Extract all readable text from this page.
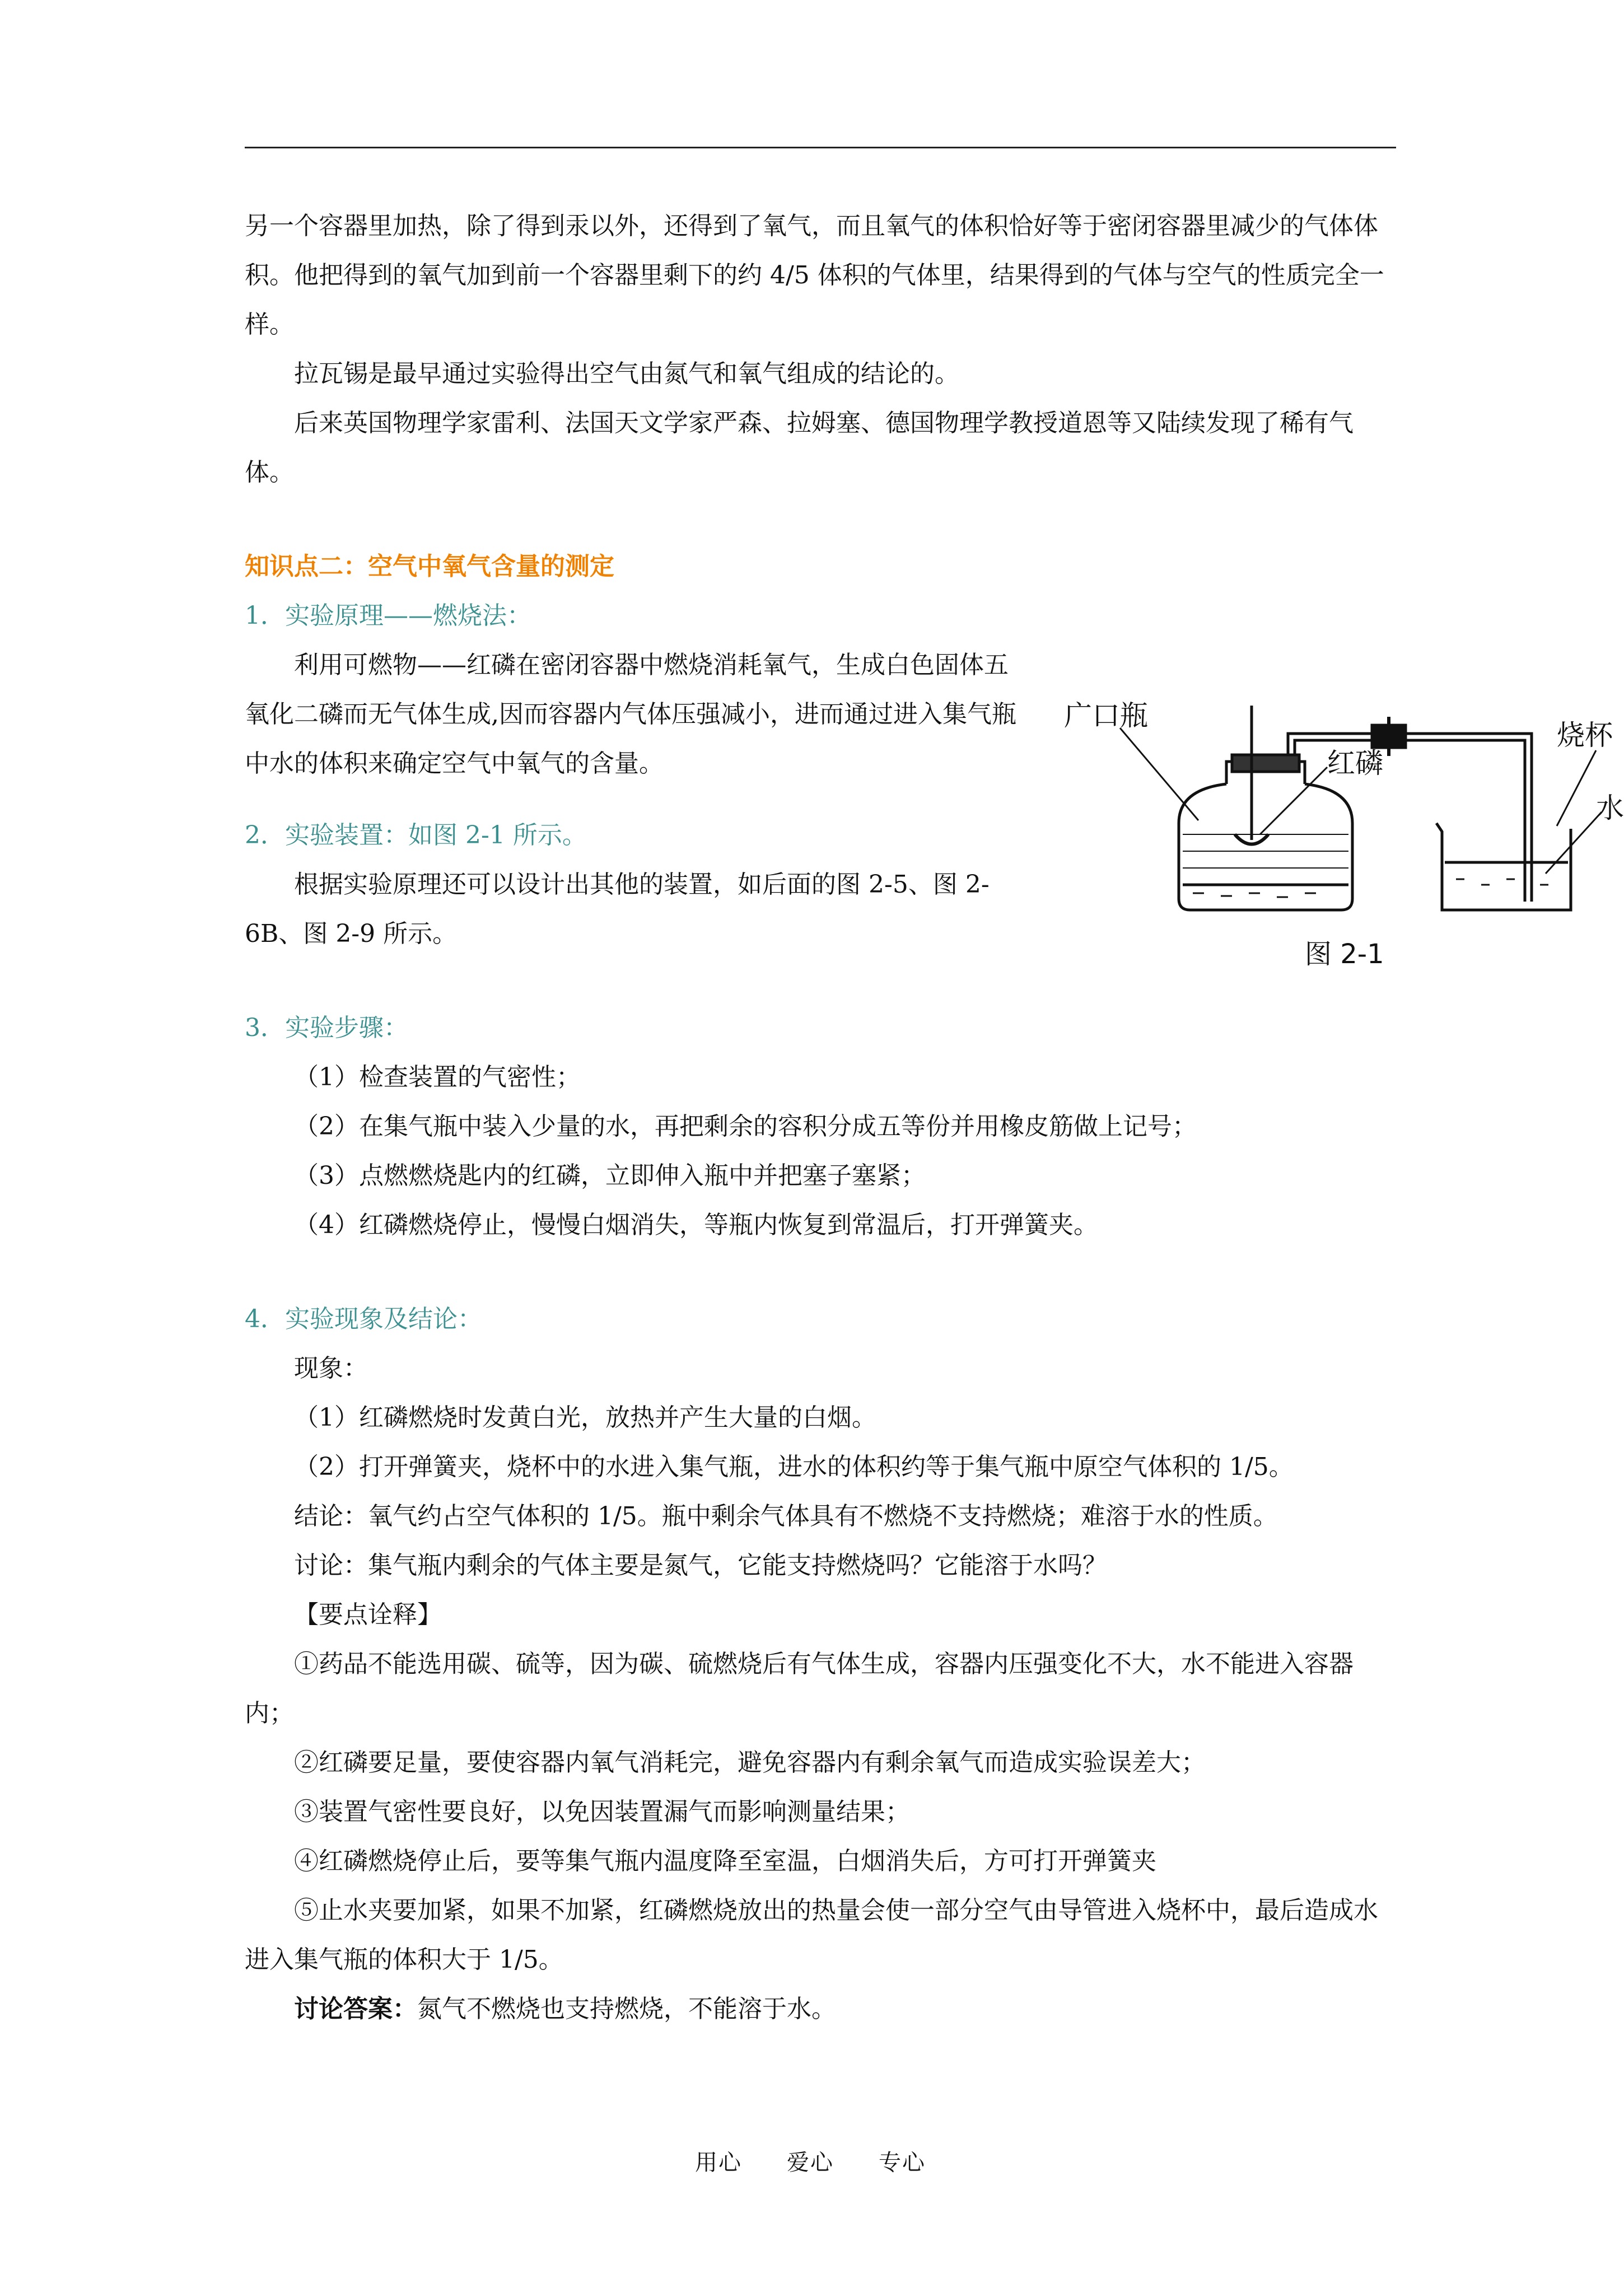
另一个容器里加热，除了得到汞以外，还得到了氧气，而且氧气的体积恰好等于密闭容器里减少的气体体积。他把得到的氧气加到前一个容器里剩下的约 4/5 体积的气体里，结果得到的气体与空气的性质完全一样。

拉瓦锡是最早通过实验得出空气由氮气和氧气组成的结论的。

后来英国物理学家雷利、法国天文学家严森、拉姆塞、德国物理学教授道恩等又陆续发现了稀有气体。

知识点二：空气中氧气含量的测定

1．实验原理——燃烧法：

利用可燃物——红磷在密闭容器中燃烧消耗氧气，生成白色固体五氧化二磷而无气体生成,因而容器内气体压强减小，进而通过进入集气瓶中水的体积来确定空气中氧气的含量。

2．实验装置：如图 2-1 所示。

根据实验原理还可以设计出其他的装置，如后面的图 2-5、图 2-6B、图 2-9 所示。

3．实验步骤：

（1）检查装置的气密性；

（2）在集气瓶中装入少量的水，再把剩余的容积分成五等份并用橡皮筋做上记号；

（3）点燃燃烧匙内的红磷，立即伸入瓶中并把塞子塞紧；

（4）红磷燃烧停止，慢慢白烟消失，等瓶内恢复到常温后，打开弹簧夹。

4．实验现象及结论：

现象：

（1）红磷燃烧时发黄白光，放热并产生大量的白烟。

（2）打开弹簧夹，烧杯中的水进入集气瓶，进水的体积约等于集气瓶中原空气体积的 1/5。

结论：氧气约占空气体积的 1/5。瓶中剩余气体具有不燃烧不支持燃烧；难溶于水的性质。

讨论：集气瓶内剩余的气体主要是氮气，它能支持燃烧吗？它能溶于水吗？

【要点诠释】

①药品不能选用碳、硫等，因为碳、硫燃烧后有气体生成，容器内压强变化不大，水不能进入容器内；

②红磷要足量，要使容器内氧气消耗完，避免容器内有剩余氧气而造成实验误差大；

③装置气密性要良好，以免因装置漏气而影响测量结果；

④红磷燃烧停止后，要等集气瓶内温度降至室温，白烟消失后，方可打开弹簧夹

⑤止水夹要加紧，如果不加紧，红磷燃烧放出的热量会使一部分空气由导管进入烧杯中，最后造成水进入集气瓶的体积大于 1/5。

讨论答案：氮气不燃烧也支持燃烧，不能溶于水。

广口瓶
红磷
烧杯
水
图 2-1
用心 爱心 专心
